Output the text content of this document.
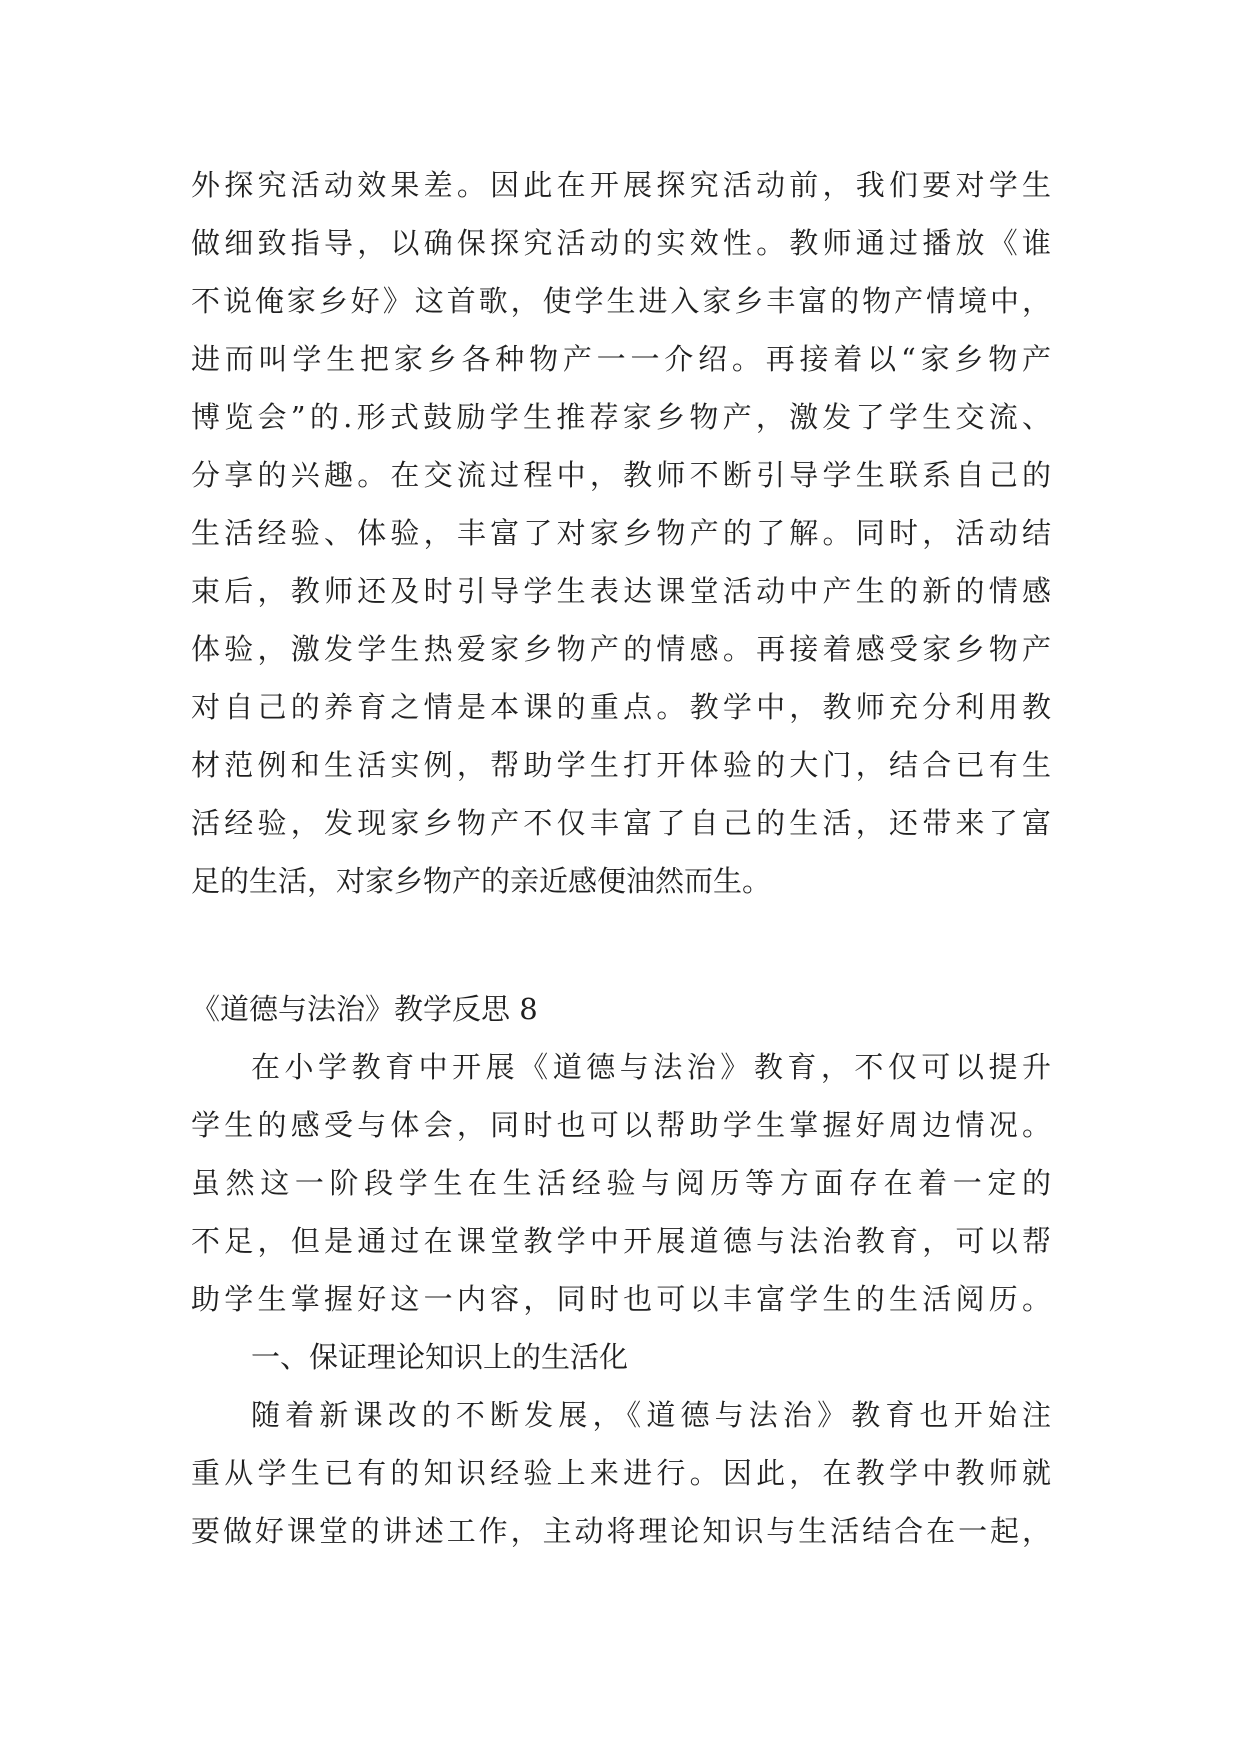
外探究活动效果差。因此在开展探究活动前，我们要对学生
做细致指导，以确保探究活动的实效性。教师通过播放《谁
不说俺家乡好》这首歌，使学生进入家乡丰富的物产情境中，
进而叫学生把家乡各种物产一一介绍。再接着以“家乡物产
博览会”的.形式鼓励学生推荐家乡物产，激发了学生交流、
分享的兴趣。在交流过程中，教师不断引导学生联系自己的
生活经验、体验，丰富了对家乡物产的了解。同时，活动结
束后，教师还及时引导学生表达课堂活动中产生的新的情感
体验，激发学生热爱家乡物产的情感。再接着感受家乡物产
对自己的养育之情是本课的重点。教学中，教师充分利用教
材范例和生活实例，帮助学生打开体验的大门，结合已有生
活经验，发现家乡物产不仅丰富了自己的生活，还带来了富
足的生活，对家乡物产的亲近感便油然而生。
《道德与法治》教学反思 8
在小学教育中开展《道德与法治》教育，不仅可以提升
学生的感受与体会，同时也可以帮助学生掌握好周边情况。
虽然这一阶段学生在生活经验与阅历等方面存在着一定的
不足，但是通过在课堂教学中开展道德与法治教育，可以帮
助学生掌握好这一内容，同时也可以丰富学生的生活阅历。
一、保证理论知识上的生活化
随着新课改的不断发展，《道德与法治》教育也开始注
重从学生已有的知识经验上来进行。因此，在教学中教师就
要做好课堂的讲述工作，主动将理论知识与生活结合在一起，
